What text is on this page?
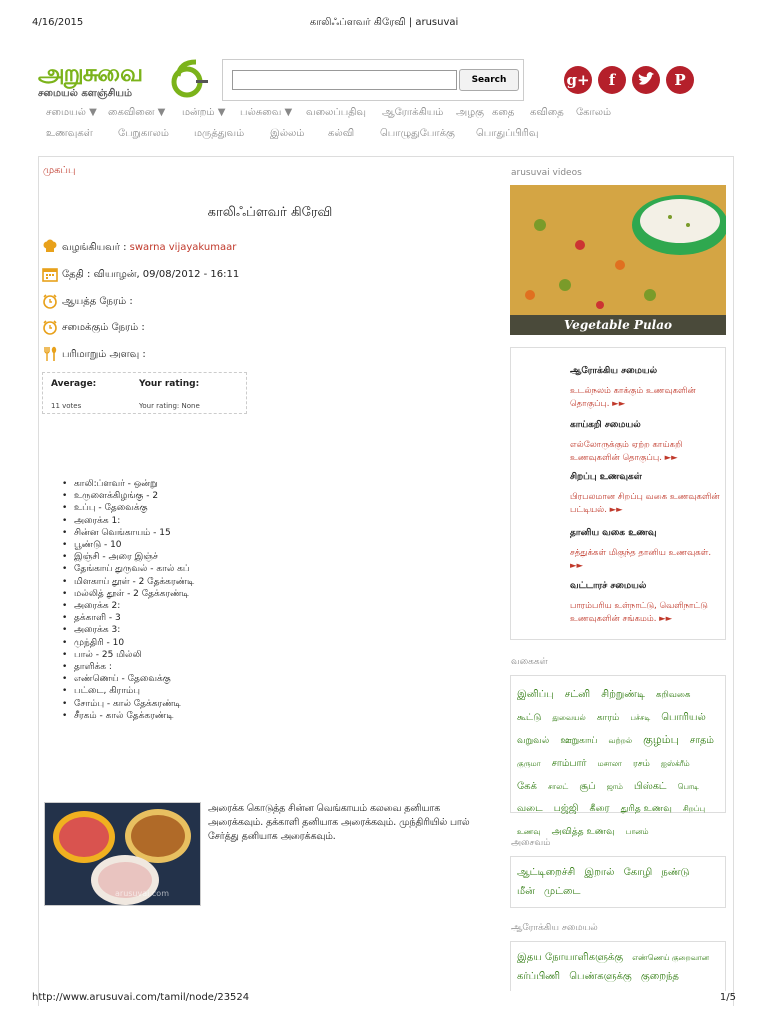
4/16/2015	காலிஃப்ளவர் கிரேவி | arusuvai
அறுசுவை
சமையல் களஞ்சியம்
Search	g+	f	P
சமையல் ▼ கைவினை ▼ மன்றம் ▼ பல்சுவை ▼ வலைப்பதிவு ஆரோக்கியம் அழகு கதை கவிதை கோலம்
உணவுகள்	பேறுகாலம்	மருத்துவம்	இல்லம் கல்வி	பொழுதுபோக்கு பொதுப்பிரிவு
முகப்பு
காலிஃப்ளவர் கிரேவி
வழங்கியவர் : swarna vijayakumaar
தேதி : வியாழன், 09/08/2012 - 16:11
ஆயத்த நேரம் :
சமைக்கும் நேரம் :
பரிமாறும் அளவு :
Average:	Your rating:
11 votes	Your rating: None
• காலி:ப்ளவர் - ஒன்று
• உருளைக்கிழங்கு - 2
• உப்பு - தேவைக்கு
• அரைக்க 1:
• சின்ன வெங்காயம் - 15
• பூண்டு - 10
• இஞ்சி - அரை இஞ்ச்
• தேங்காய் துருவல் - கால் கப்
• மிளகாய் தூள் - 2 தேக்கரண்டி
• மல்லித் தூள் - 2 தேக்கரண்டி
• அரைக்க 2:
• தக்காளி - 3
• அரைக்க 3:
• முந்திரி - 10
• பால் - 25 மில்லி
• தாளிக்க :
• எண்ணெய் - தேவைக்கு
• பட்டை, கிராம்பு
• சோம்பு - கால் தேக்கரண்டி
• சீரகம் - கால் தேக்கரண்டி
arusuvai.com
அரைக்க கொடுத்த சின்ன வெங்காயம் கலவை தனியாக அரைக்கவும். தக்காளி தனியாக அரைக்கவும். முந்திரியில் பால் சேர்த்து தனியாக அரைக்கவும்.
arusuvai videos
Vegetable Pulao
ஆரோக்கிய சமையல்
உடல்நலம் காக்கும் உணவுகளின் தொகுப்பு. ►►
காய்கறி சமையல்
எல்லோருக்கும் ஏற்ற காய்கறி உணவுகளின் தொகுப்பு. ►►
சிறப்பு உணவுகள்
பிரபலமான சிறப்பு வகை உணவுகளின் பட்டியல். ►►
தானிய வகை உணவு
சத்துக்கள் மிகுந்த தானிய உணவுகள். ►►
வட்டாரச் சமையல்
பாரம்பரிய உள்நாட்டு, வெளிநாட்டு உணவுகளின் சங்கமம். ►►
வகைகள்
இனிப்பு சட்னி சிற்றுண்டி கறிவகை கூட்டு துவையல் காரம் பச்சடி பொரியல் வறுவல் ஊறுகாய் வற்றல் குழம்பு சாதம் குருமா சாம்பார் மசாலா ரசம் ஐஸ்க்ரீம் கேக் சாலட் சூப் ஜாம் பிஸ்கட் பொடி வடை பஜ்ஜி கீரை துரித உணவு சிறப்பு உணவு அவித்த உணவு பானம்
அசைவம்
ஆட்டிறைச்சி இறால் கோழி நண்டு மீன் முட்டை
ஆரோக்கிய சமையல்
இதய நோயாளிகளுக்கு எண்ணெய் குறைவான கர்ப்பிணி பெண்களுக்கு குறைந்த
http://www.arusuvai.com/tamil/node/23524	1/5
